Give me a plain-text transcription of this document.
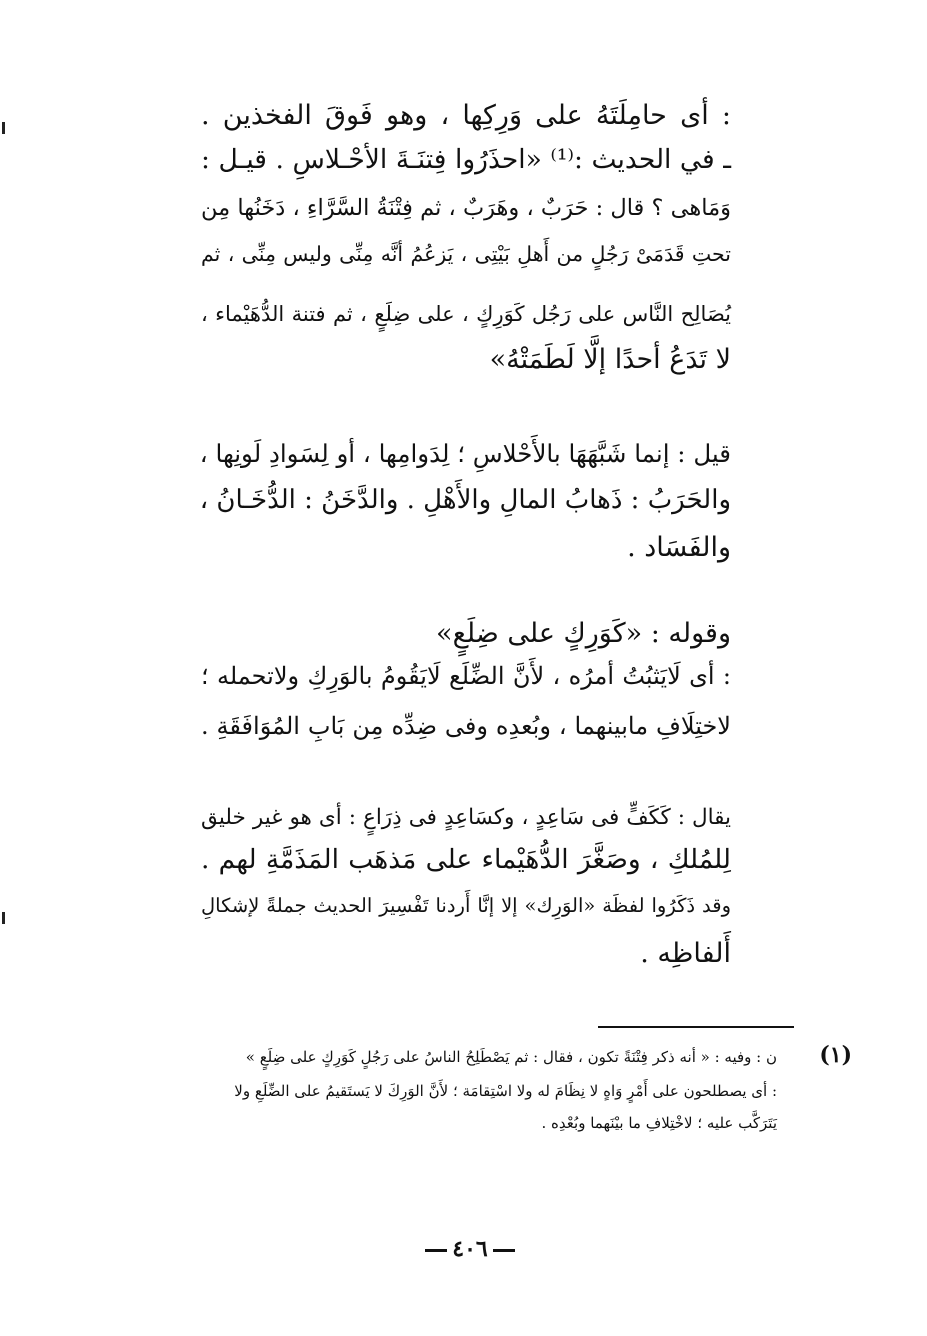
: أى حامِلَتَهُ على وَرِكِها ، وهو فَوقَ الفخذين .
ـ في الحديث :⁽¹⁾ «احذَرُوا فِتنَـةَ الأحْـلاسِ . قيـل :
وَمَاهى ؟ قال : حَرَبٌ ، وهَرَبٌ ، ثم فِتْنَةُ السَّرَّاءِ ، دَخَنُها مِن
تحتِ قَدَمَىْ رَجُلٍ من أَهلِ بَيْتِى ، يَزعُمُ أنَّه مِنِّى وليس مِنِّى ، ثم
يُصَالِح النَّاس على رَجُل كَوَرِكٍ ، على ضِلَعٍ ، ثم فتنة الدُّهَيْماء ،
لا تَدَعُ أحدًا إلَّا لَطَمَتْهُ»
قيل : إنما شَبَّهَهَا بالأَحْلاسِ ؛ لِدَوامِها ، أو لِسَوادِ لَونِها ،
والحَرَبُ : ذَهابُ المالِ والأَهْلِ . والدَّخَنُ : الدُّخَـانُ ،
والفَسَاد .
وقوله : «كَوَرِكٍ على ضِلَعٍ»
: أى لَايَثبُتُ أمرُه ، لأَنَّ الضِّلَع لَايَقُومُ بالوَرِكِ ولاتحمله ؛
لاختِلَافِ مابينهما ، وبُعدِه وفى ضِدِّه مِن بَابِ المُوَافَقَةِ .
يقال : كَكَفٍّ فى سَاعِدٍ ، وكسَاعِدٍ فى ذِرَاعٍ : أى هو غير خليق
لِلمُلكِ ، وصَغَّرَ الدُّهَيْماء على مَذهَب المَذَمَّةِ لهم .
وقد ذَكَرُوا لفظَة «الوَرِك» إلا إنَّا أَردنا تَفْسِيرَ الحديث جملةً لإشكالِ
أَلفاظِه .
(١)
ن : وفيه : « أنه ذكر فِتْنَةً تكون ، فقال : ثم يَصْطَلِحُ الناسُ على رَجُلٍ كَوَرِكٍ على ضِلَعٍ »
: أى يصطلحون على أَمْرٍ وَاهٍ لا نِظَامَ له ولا اسْتِقامَة ؛ لأَنَّ الوَرِكَ لا يَستَقيمُ على الضِّلَعِ ولا
يَتَرَكَّب عليه ؛ لاخْتِلافِ ما بيْنَهما وبُعْدِه .
٤٠٦
